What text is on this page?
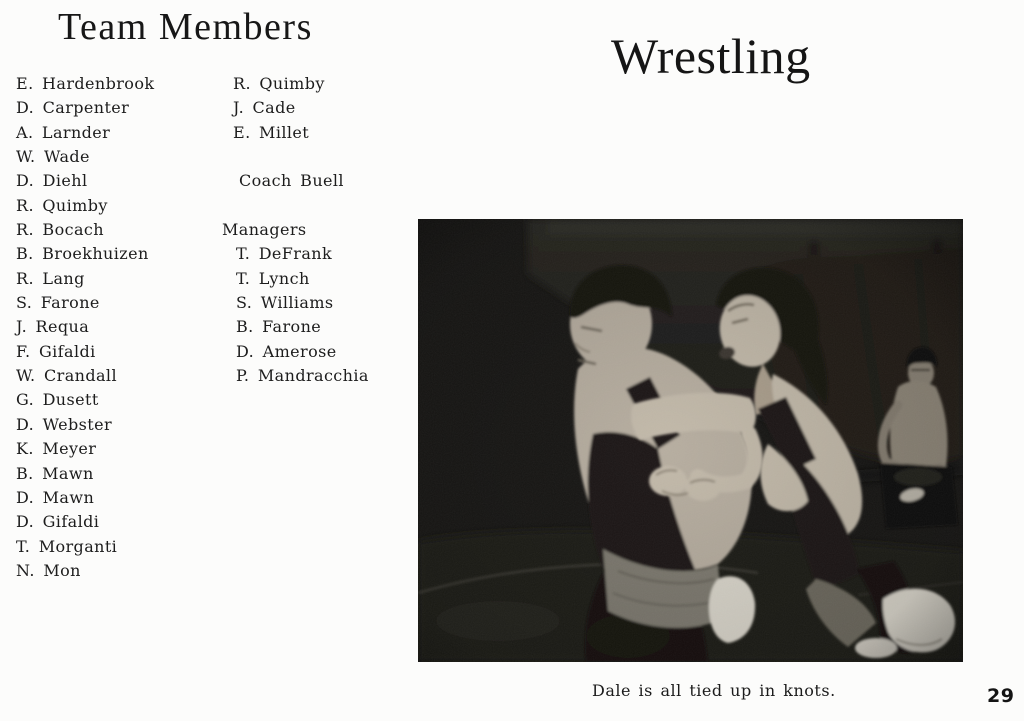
Team Members
Wrestling
E. Hardenbrook
D. Carpenter
A. Larnder
W. Wade
D. Diehl
R. Quimby
R. Bocach
B. Broekhuizen
R. Lang
S. Farone
J. Requa
F. Gifaldi
W. Crandall
G. Dusett
D. Webster
K. Meyer
B. Mawn
D. Mawn
D. Gifaldi
T. Morganti
N. Mon
R. Quimby
J. Cade
E. Millet

Coach Buell

Managers
T. DeFrank
T. Lynch
S. Williams
B. Farone
D. Amerose
P. Mandracchia
Dale is all tied up in knots.	29
